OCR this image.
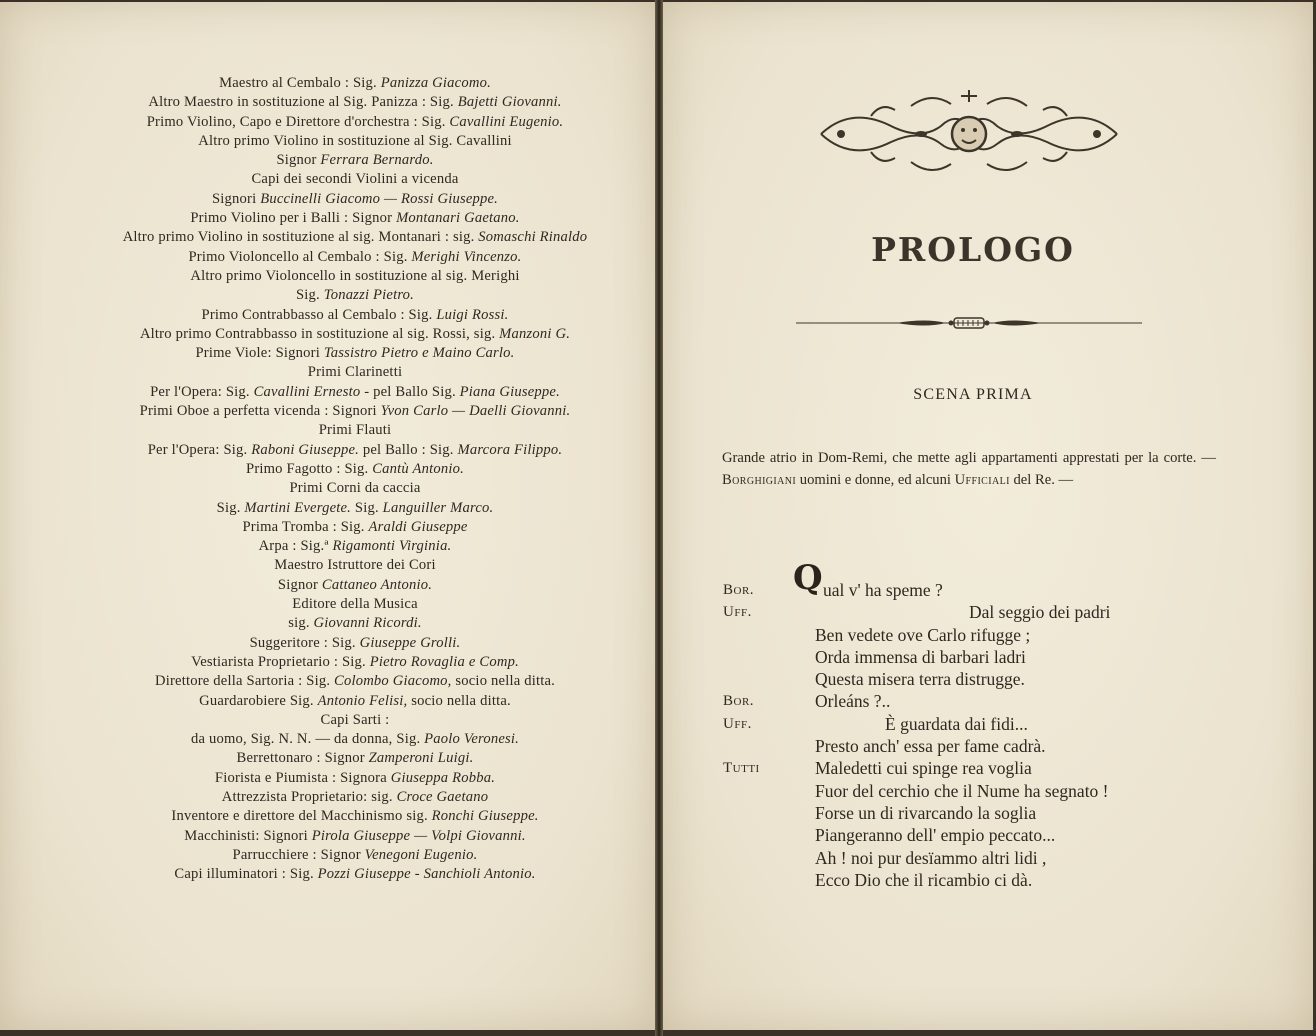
Maestro al Cembalo : Sig. Panizza Giacomo.
Altro Maestro in sostituzione al Sig. Panizza : Sig. Bajetti Giovanni.
Primo Violino, Capo e Direttore d'orchestra : Sig. Cavallini Eugenio.
Altro primo Violino in sostituzione al Sig. Cavallini
Signor Ferrara Bernardo.
Capi dei secondi Violini a vicenda
Signori Buccinelli Giacomo — Rossi Giuseppe.
Primo Violino per i Balli : Signor Montanari Gaetano.
Altro primo Violino in sostituzione al sig. Montanari : sig. Somaschi Rinaldo
Primo Violoncello al Cembalo : Sig. Merighi Vincenzo.
Altro primo Violoncello in sostituzione al sig. Merighi
Sig. Tonazzi Pietro.
Primo Contrabbasso al Cembalo : Sig. Luigi Rossi.
Altro primo Contrabbasso in sostituzione al sig. Rossi, sig. Manzoni G.
Prime Viole: Signori Tassistro Pietro e Maino Carlo.
Primi Clarinetti
Per l'Opera: Sig. Cavallini Ernesto - pel Ballo Sig. Piana Giuseppe.
Primi Oboe a perfetta vicenda : Signori Yvon Carlo — Daelli Giovanni.
Primi Flauti
Per l'Opera: Sig. Raboni Giuseppe. pel Ballo : Sig. Marcora Filippo.
Primo Fagotto : Sig. Cantù Antonio.
Primi Corni da caccia
Sig. Martini Evergete. Sig. Languiller Marco.
Prima Tromba : Sig. Araldi Giuseppe
Arpa : Sig.ª Rigamonti Virginia.
Maestro Istruttore dei Cori
Signor Cattaneo Antonio.
Editore della Musica
sig. Giovanni Ricordi.
Suggeritore : Sig. Giuseppe Grolli.
Vestiarista Proprietario : Sig. Pietro Rovaglia e Comp.
Direttore della Sartoria : Sig. Colombo Giacomo, socio nella ditta.
Guardarobiere Sig. Antonio Felisi, socio nella ditta.
Capi Sarti :
da uomo, Sig. N. N. — da donna, Sig. Paolo Veronesi.
Berrettonaro : Signor Zamperoni Luigi.
Fiorista e Piumista : Signora Giuseppa Robba.
Attrezzista Proprietario: sig. Croce Gaetano
Inventore e direttore del Macchinismo sig. Ronchi Giuseppe.
Macchinisti: Signori Pirola Giuseppe — Volpi Giovanni.
Parrucchiere : Signor Venegoni Eugenio.
Capi illuminatori : Sig. Pozzi Giuseppe - Sanchioli Antonio.
PROLOGO
SCENA PRIMA
Grande atrio in Dom-Remi, che mette agli appartamenti apprestati per la corte. — Borghigiani uomini e donne, ed alcuni Ufficiali del Re. —
Bor.	Q ual v' ha speme ?
Uff.	Dal seggio dei padri
Ben vedete ove Carlo rifugge ;
Orda immensa di barbari ladri
Questa misera terra distrugge.
Bor.	Orleáns ?..
Uff.	È guardata dai fidi...
Presto anch' essa per fame cadrà.
Tutti	Maledetti cui spinge rea voglia
Fuor del cerchio che il Nume ha segnato !
Forse un di rivarcando la soglia
Piangeranno dell' empio peccato...
Ah ! noi pur desïammo altri lidi ,
Ecco Dio che il ricambio ci dà.
